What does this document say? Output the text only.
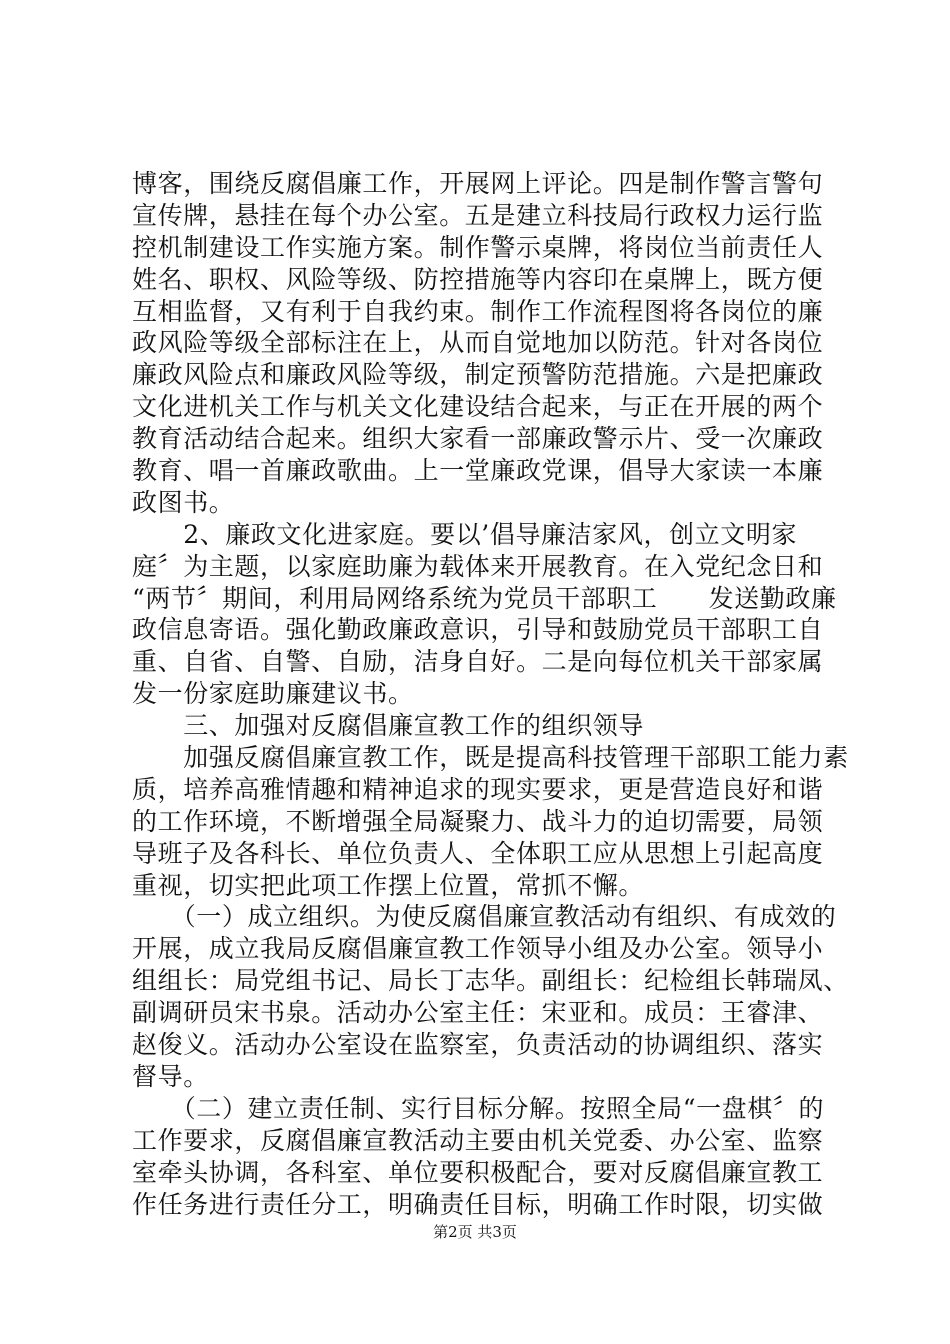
博客，围绕反腐倡廉工作，开展网上评论。四是制作警言警句
宣传牌，悬挂在每个办公室。五是建立科技局行政权力运行监
控机制建设工作实施方案。制作警示桌牌，将岗位当前责任人
姓名、职权、风险等级、防控措施等内容印在桌牌上，既方便
互相监督，又有利于自我约束。制作工作流程图将各岗位的廉
政风险等级全部标注在上，从而自觉地加以防范。针对各岗位
廉政风险点和廉政风险等级，制定预警防范措施。六是把廉政
文化进机关工作与机关文化建设结合起来，与正在开展的两个
教育活动结合起来。组织大家看一部廉政警示片、受一次廉政
教育、唱一首廉政歌曲。上一堂廉政党课，倡导大家读一本廉
政图书。
　　2、廉政文化进家庭。要以’倡导廉洁家风，创立文明家
庭〞为主题，以家庭助廉为载体来开展教育。在入党纪念日和
“两节〞期间，利用局网络系统为党员干部职工　　发送勤政廉
政信息寄语。强化勤政廉政意识，引导和鼓励党员干部职工自
重、自省、自警、自励，洁身自好。二是向每位机关干部家属
发一份家庭助廉建议书。
　　三、加强对反腐倡廉宣教工作的组织领导
　　加强反腐倡廉宣教工作，既是提高科技管理干部职工能力素
质，培养高雅情趣和精神追求的现实要求，更是营造良好和谐
的工作环境，不断增强全局凝聚力、战斗力的迫切需要，局领
导班子及各科长、单位负责人、全体职工应从思想上引起高度
重视，切实把此项工作摆上位置，常抓不懈。
　　（一）成立组织。为使反腐倡廉宣教活动有组织、有成效的
开展，成立我局反腐倡廉宣教工作领导小组及办公室。领导小
组组长：局党组书记、局长丁志华。副组长：纪检组长韩瑞凤、
副调研员宋书泉。活动办公室主任：宋亚和。成员：王睿津、
赵俊义。活动办公室设在监察室，负责活动的协调组织、落实
督导。
　　（二）建立责任制、实行目标分解。按照全局“一盘棋〞的
工作要求，反腐倡廉宣教活动主要由机关党委、办公室、监察
室牵头协调，各科室、单位要积极配合，要对反腐倡廉宣教工
作任务进行责任分工，明确责任目标，明确工作时限，切实做
第2页 共3页
